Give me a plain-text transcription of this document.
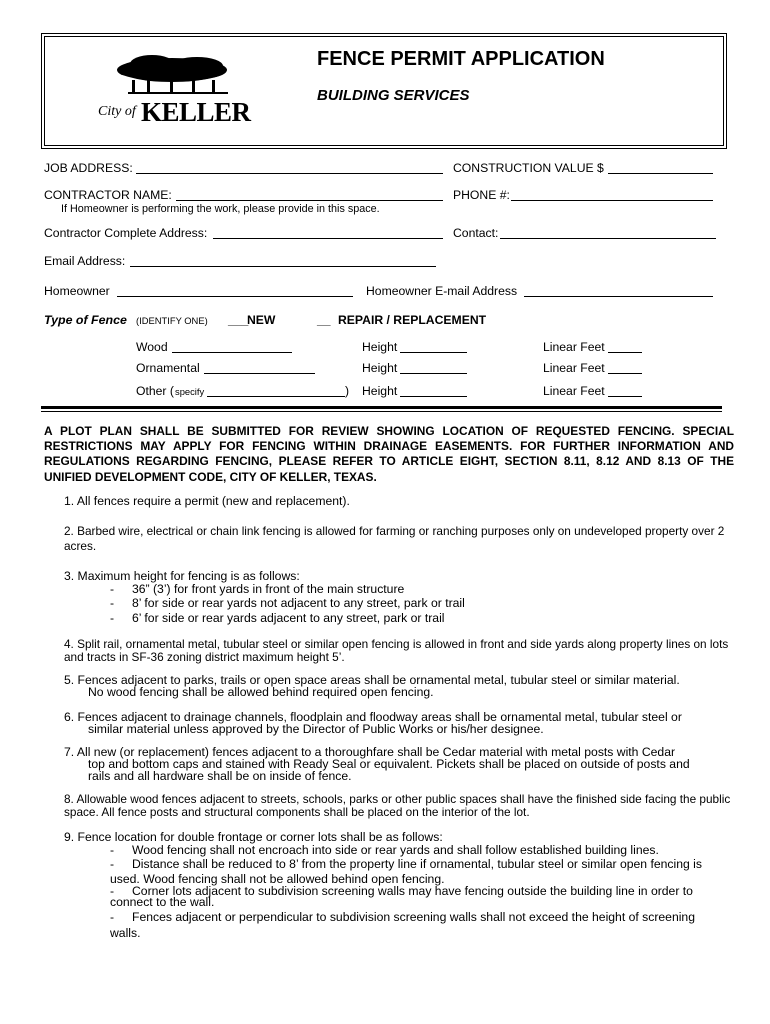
City of KELLER
FENCE PERMIT APPLICATION
BUILDING SERVICES
JOB ADDRESS:	CONSTRUCTION VALUE $
CONTRACTOR NAME:	PHONE #:
If Homeowner is performing the work, please provide in this space.
Contractor Complete Address:	Contact:
Email Address:
Homeowner	Homeowner E-mail Address
Type of Fence (IDENTIFY ONE) ___
NEW	__ REPAIR / REPLACEMENT
Wood	Height	Linear Feet
Ornamental	Height	Linear Feet
Other ( specify	) Height	Linear Feet
A PLOT PLAN SHALL BE SUBMITTED FOR REVIEW SHOWING LOCATION OF REQUESTED FENCING. SPECIAL RESTRICTIONS MAY APPLY FOR FENCING WITHIN DRAINAGE EASEMENTS. FOR FURTHER INFORMATION AND REGULATIONS REGARDING FENCING, PLEASE REFER TO ARTICLE EIGHT, SECTION 8.11, 8.12 AND 8.13 OF THE UNIFIED DEVELOPMENT CODE, CITY OF KELLER, TEXAS.
1. All fences require a permit (new and replacement).
2. Barbed wire, electrical or chain link fencing is allowed for farming or ranching purposes only on undeveloped property over 2 acres.
3. Maximum height for fencing is as follows:
- 36” (3’) for front yards in front of the main structure
- 8’ for side or rear yards not adjacent to any street, park or trail
- 6’ for side or rear yards adjacent to any street, park or trail
4. Split rail, ornamental metal, tubular steel or similar open fencing is allowed in front and side yards along property lines on lots and tracts in SF-36 zoning district maximum height 5’.
5. Fences adjacent to parks, trails or open space areas shall be ornamental metal, tubular steel or similar material.
No wood fencing shall be allowed behind required open fencing.
6. Fences adjacent to drainage channels, floodplain and floodway areas shall be ornamental metal, tubular steel or
similar material unless approved by the Director of Public Works or his/her designee.
7. All new (or replacement) fences adjacent to a thoroughfare shall be Cedar material with metal posts with Cedar
top and bottom caps and stained with Ready Seal or equivalent. Pickets shall be placed on outside of posts and
rails and all hardware shall be on inside of fence.
8. Allowable wood fences adjacent to streets, schools, parks or other public spaces shall have the finished side facing the public space. All fence posts and structural components shall be placed on the interior of the lot.
9. Fence location for double frontage or corner lots shall be as follows:
- Wood fencing shall not encroach into side or rear yards and shall follow established building lines.
- Distance shall be reduced to 8’ from the property line if ornamental, tubular steel or similar open fencing is
used. Wood fencing shall not be allowed behind open fencing.
- Corner lots adjacent to subdivision screening walls may have fencing outside the building line in order to
connect to the wall.
- Fences adjacent or perpendicular to subdivision screening walls shall not exceed the height of screening
walls.
